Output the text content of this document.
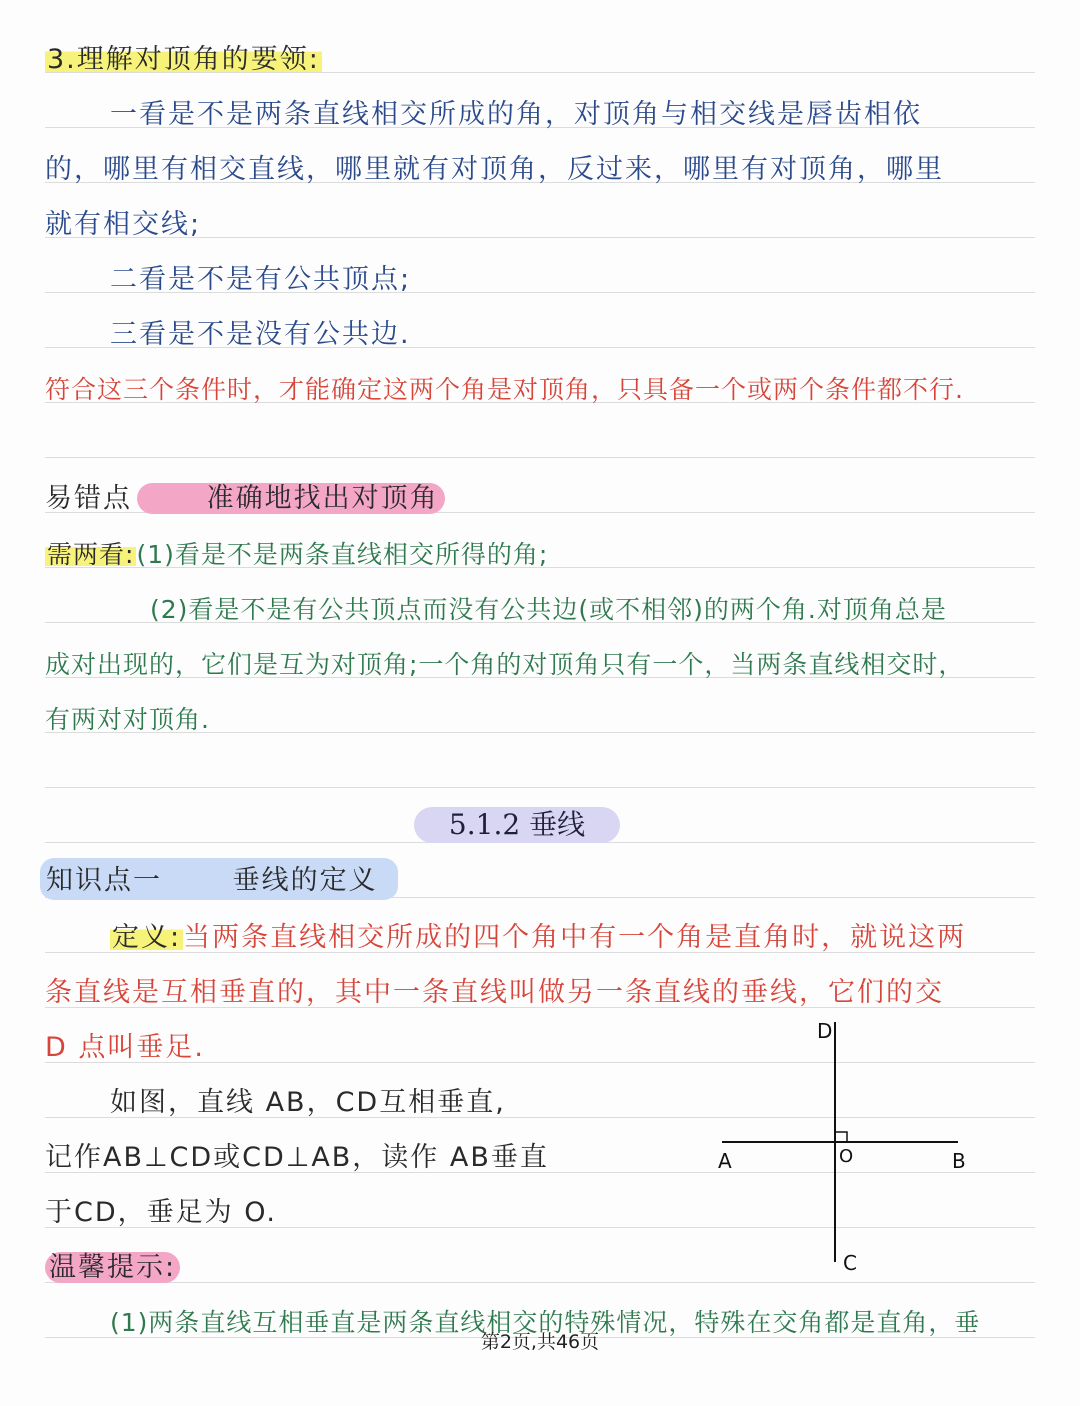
3.理解对顶角的要领:
一看是不是两条直线相交所成的角，对顶角与相交线是唇齿相依
的，哪里有相交直线，哪里就有对顶角，反过来，哪里有对顶角，哪里
就有相交线;
二看是不是有公共顶点;
三看是不是没有公共边.
符合这三个条件时，才能确定这两个角是对顶角，只具备一个或两个条件都不行.
易错点	准确地找出对顶角
需两看:(1)看是不是两条直线相交所得的角;
(2)看是不是有公共顶点而没有公共边(或不相邻)的两个角.对顶角总是
成对出现的，它们是互为对顶角;一个角的对顶角只有一个，当两条直线相交时，
有两对对顶角.
5.1.2 垂线
知识点一	垂线的定义
定义:当两条直线相交所成的四个角中有一个角是直角时，就说这两
条直线是互相垂直的，其中一条直线叫做另一条直线的垂线，它们的交
D 点叫垂足.
如图，直线 AB，CD互相垂直,
记作AB⊥CD或CD⊥AB，读作 AB垂直
于CD，垂足为 O.
D
A	O	B
C
温馨提示:
(1)两条直线互相垂直是两条直线相交的特殊情况，特殊在交角都是直角，垂
第2页,共46页
